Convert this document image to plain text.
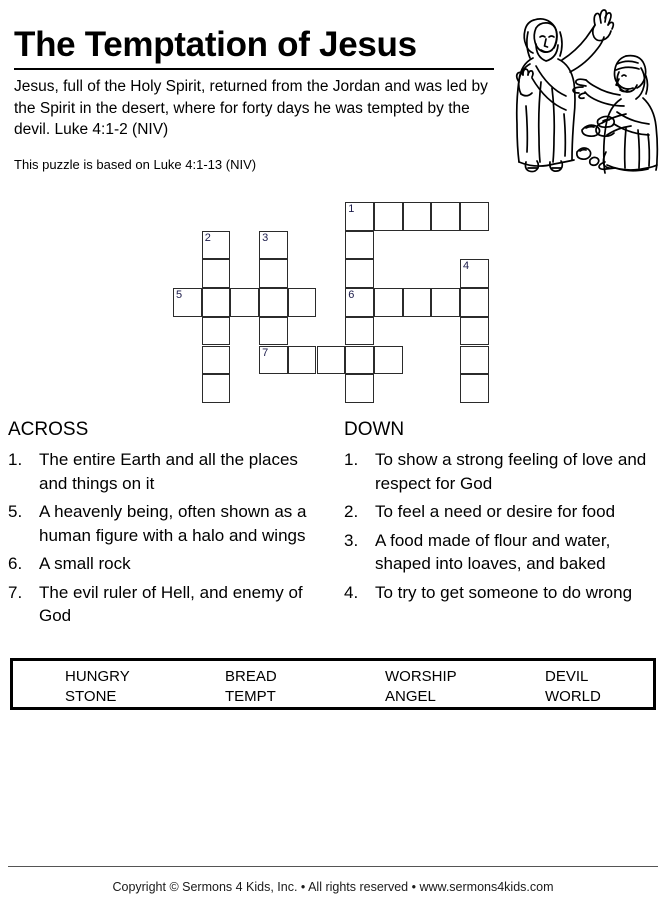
The Temptation of Jesus

Jesus, full of the Holy Spirit, returned from the Jordan and was led by the Spirit in the desert, where for forty days he was tempted by the devil. Luke 4:1-2 (NIV)

This puzzle is based on Luke 4:1-13 (NIV)

1
2	3
4
5	6
7
ACROSS
1. The entire Earth and all the places and things on it
5. A heavenly being, often shown as a human figure with a halo and wings
6. A small rock
7. The evil ruler of Hell, and enemy of God
DOWN
1. To show a strong feeling of love and respect for God
2. To feel a need or desire for food
3. A food made of flour and water, shaped into loaves, and baked
4. To try to get someone to do wrong
HUNGRY
STONE
BREAD
TEMPT
WORSHIP
ANGEL
DEVIL
WORLD
Copyright © Sermons 4 Kids, Inc. • All rights reserved • www.sermons4kids.com
